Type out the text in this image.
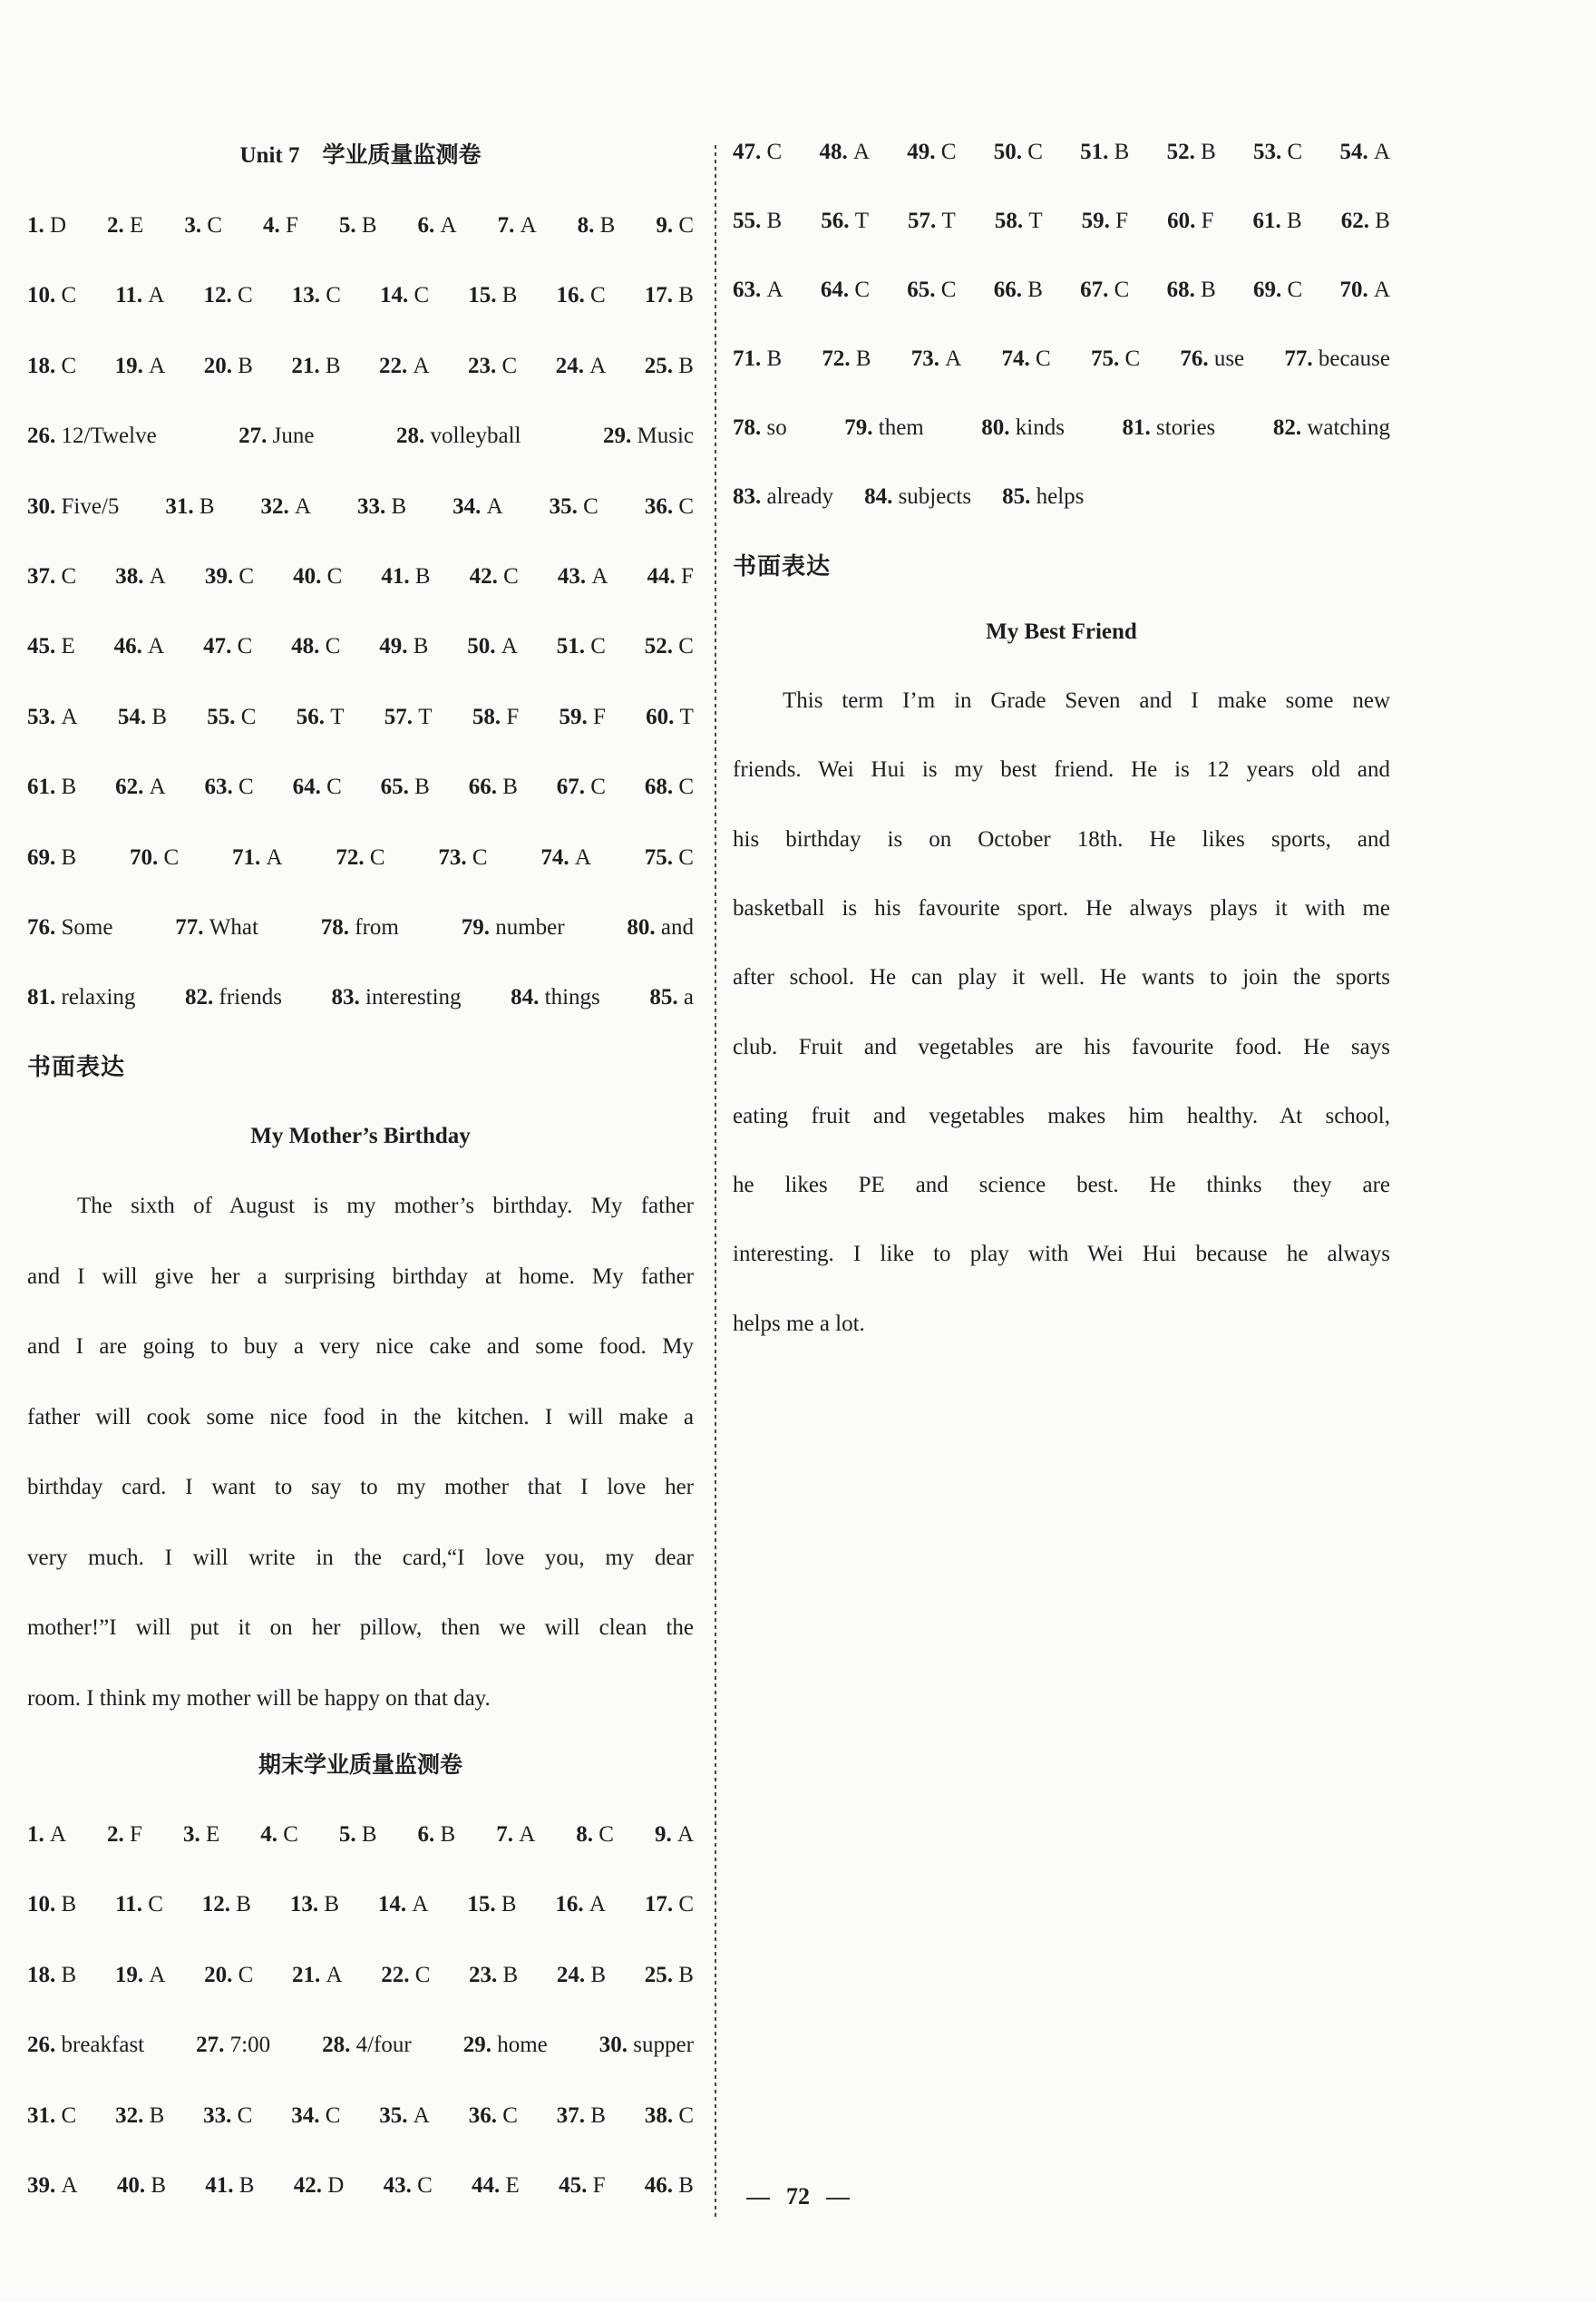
Unit 7　学业质量监测卷
1 . D 2 . E 3 . C 4 . F 5 . B 6 . A 7 . A 8 . B 9 . C
10 . C 11 . A 12 . C 13 . C 14 . C 15 . B 16 . C 17 . B
18 . C 19 . A 20 . B 21 . B 22 . A 23 . C 24 . A 25 . B
26 . 12/Twelve	27 . June	28 . volleyball	29 . Music
30 . Five/5 31 . B 32 . A 33 . B 34 . A 35 . C 36 . C
37 . C 38 . A 39 . C 40 . C 41 . B 42 . C 43 . A 44 . F
45 . E 46 . A 47 . C 48 . C 49 . B 50 . A 51 . C 52 . C
53 . A 54 . B 55 . C 56 . T 57 . T 58 . F 59 . F 60 . T
61 . B 62 . A 63 . C 64 . C 65 . B 66 . B 67 . C 68 . C
69 . B 70 . C 71 . A 72 . C 73 . C 74 . A 75 . C
76 . Some	77 . What	78 . from	79 . number	80 . and
81 . relaxing 82 . friends 83 . interesting 84 . things 85 . a
书面表达
My Mother’s Birthday
The sixth of August is my mother’s birthday. My father
and I will give her a surprising birthday at home. My father
and I are going to buy a very nice cake and some food. My
father will cook some nice food in the kitchen. I will make a
birthday card. I want to say to my mother that I love her
very much. I will write in the card,“I love you, my dear
mother!”I will put it on her pillow, then we will clean the
room. I think my mother will be happy on that day.
期末学业质量监测卷
1 . A 2 . F 3 . E 4 . C 5 . B 6 . B 7 . A 8 . C 9 . A
10 . B 11 . C 12 . B 13 . B 14 . A 15 . B 16 . A 17 . C
18 . B 19 . A 20 . C 21 . A 22 . C 23 . B 24 . B 25 . B
26 . breakfast 27 . 7:00 28 . 4/four 29 . home 30 . supper
31 . C 32 . B 33 . C 34 . C 35 . A 36 . C 37 . B 38 . C
39 . A 40 . B 41 . B 42 . D 43 . C 44 . E 45 . F 46 . B
47 . C 48 . A 49 . C 50 . C 51 . B 52 . B 53 . C 54 . A
55 . B 56 . T 57 . T 58 . T 59 . F 60 . F 61 . B 62 . B
63 . A 64 . C 65 . C 66 . B 67 . C 68 . B 69 . C 70 . A
71 . B 72 . B 73 . A 74 . C 75 . C 76 . use 77 . because
78 . so	79 . them	80 . kinds	81 . stories	82 . watching
83 . already 84 . subjects 85 . helps
书面表达
My Best Friend
This term I’m in Grade Seven and I make some new
friends. Wei Hui is my best friend. He is 12 years old and
his birthday is on October 18th. He likes sports, and
basketball is his favourite sport. He always plays it with me
after school. He can play it well. He wants to join the sports
club. Fruit and vegetables are his favourite food. He says
eating fruit and vegetables makes him healthy. At school,
he likes PE and science best. He thinks they are
interesting. I like to play with Wei Hui because he always
helps me a lot.
72
